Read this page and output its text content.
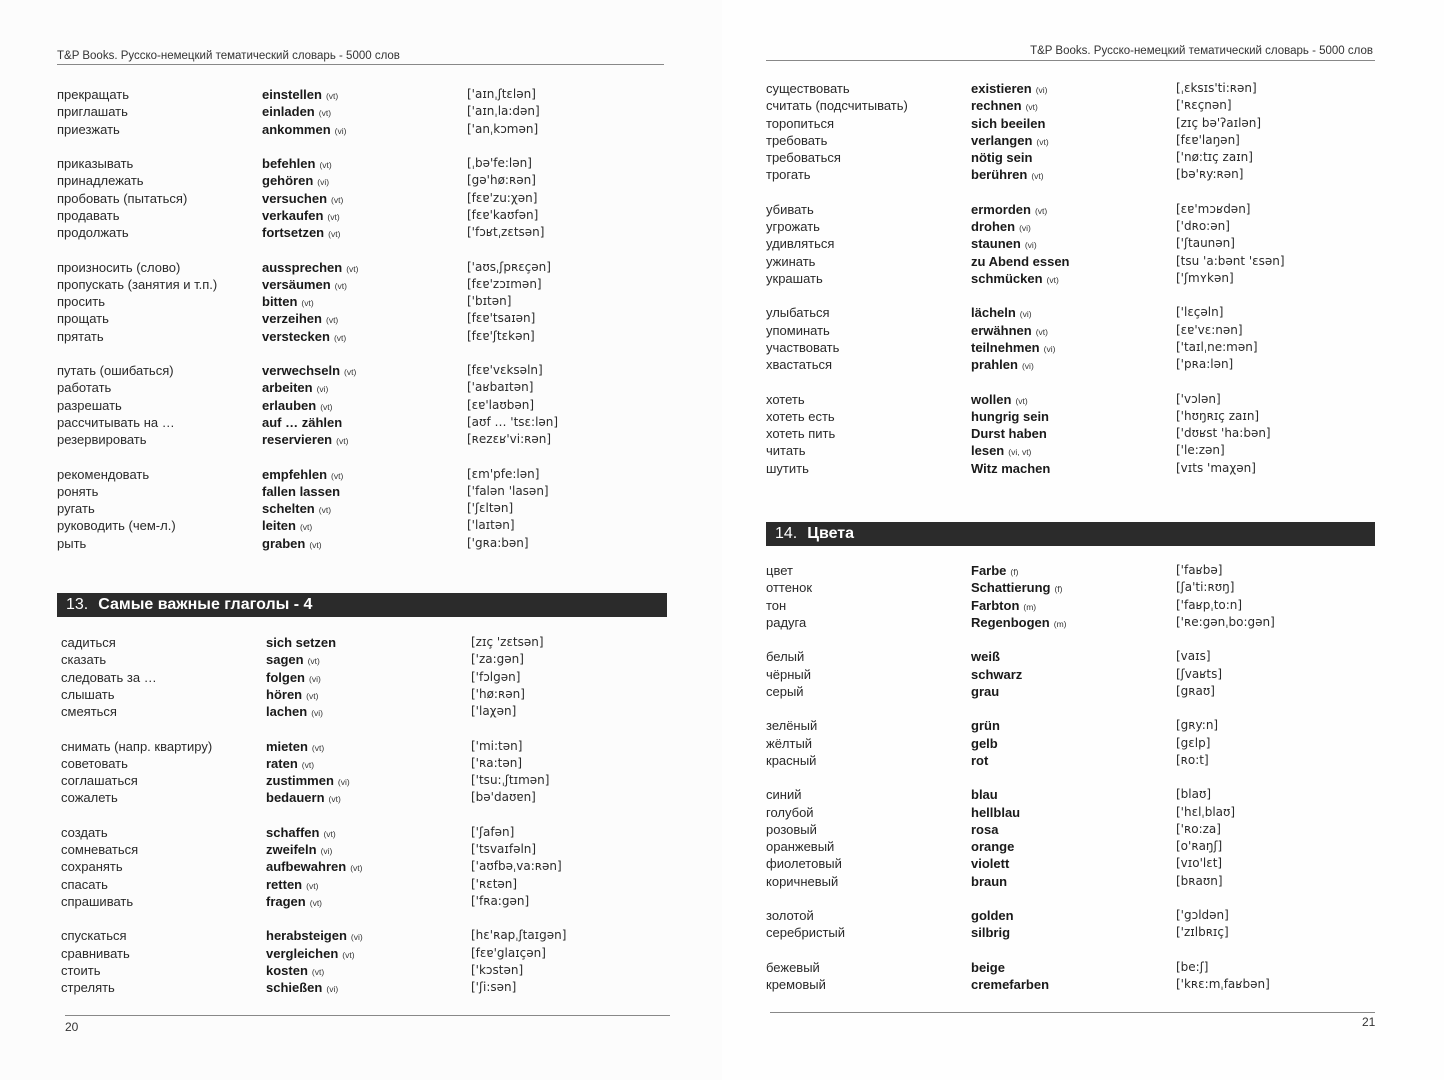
T&P Books. Русско-немецкий тематический словарь - 5000 слов
прекращать	einstellen (vt)	['aɪnˌʃtɛlən]
приглашать	einladen (vt)	['aɪnˌla:dən]
приезжать	ankommen (vi)	['anˌkɔmən]
приказывать	befehlen (vt)	[ˌbə'fe:lən]
принадлежать	gehören (vi)	[gə'hø:ʀən]
пробовать (пытаться)	versuchen (vt)	[fɛɐ'zu:χən]
продавать	verkaufen (vt)	[fɛɐ'kaʊfən]
продолжать	fortsetzen (vt)	['fɔʁtˌzɛtsən]
произносить (слово)	aussprechen (vt)	['aʊsˌʃpʀɛçən]
пропускать (занятия и т.п.)	versäumen (vt)	[fɛɐ'zɔɪmən]
просить	bitten (vt)	['bɪtən]
прощать	verzeihen (vt)	[fɛɐ'tsaɪən]
прятать	verstecken (vt)	[fɛɐ'ʃtɛkən]
путать (ошибаться)	verwechseln (vt)	[fɛɐ'vɛksəln]
работать	arbeiten (vi)	['aʁbaɪtən]
разрешать	erlauben (vt)	[ɛɐ'laʊbən]
рассчитывать на …	auf … zählen	[aʊf … 'tsɛ:lən]
резервировать	reservieren (vt)	[ʀezɛʁ'vi:ʀən]
рекомендовать	empfehlen (vt)	[ɛm'pfe:lən]
ронять	fallen lassen	['falən 'lasən]
ругать	schelten (vt)	['ʃɛltən]
руководить (чем-л.)	leiten (vt)	['laɪtən]
рыть	graben (vt)	['gʀa:bən]
13. Самые важные глаголы - 4
садиться	sich setzen	[zɪç 'zɛtsən]
сказать	sagen (vt)	['za:gən]
следовать за …	folgen (vi)	['fɔlgən]
слышать	hören (vt)	['hø:ʀən]
смеяться	lachen (vi)	['laχən]
снимать (напр. квартиру)	mieten (vt)	['mi:tən]
советовать	raten (vt)	['ʀa:tən]
соглашаться	zustimmen (vi)	['tsu:ˌʃtɪmən]
сожалеть	bedauern (vt)	[bə'daʊɐn]
создать	schaffen (vt)	['ʃafən]
сомневаться	zweifeln (vi)	['tsvaɪfəln]
сохранять	aufbewahren (vt)	['aʊfbəˌva:ʀən]
спасать	retten (vt)	['ʀɛtən]
спрашивать	fragen (vt)	['fʀa:gən]
спускаться	herabsteigen (vi)	[hɛ'ʀapˌʃtaɪgən]
сравнивать	vergleichen (vt)	[fɛɐ'glaɪçən]
стоить	kosten (vt)	['kɔstən]
стрелять	schießen (vi)	['ʃi:sən]
20
T&P Books. Русско-немецкий тематический словарь - 5000 слов
существовать	existieren (vi)	[ˌɛksɪs'ti:ʀən]
считать (подсчитывать)	rechnen (vt)	['ʀɛçnən]
торопиться	sich beeilen	[zɪç bə'ʔaɪlən]
требовать	verlangen (vt)	[fɛɐ'laŋən]
требоваться	nötig sein	['nø:tɪç zaɪn]
трогать	berühren (vt)	[bə'ʀy:ʀən]
убивать	ermorden (vt)	[ɛɐ'mɔʁdən]
угрожать	drohen (vi)	['dʀo:ən]
удивляться	staunen (vi)	['ʃtaunən]
ужинать	zu Abend essen	[tsu 'a:bənt 'ɛsən]
украшать	schmücken (vt)	['ʃmʏkən]
улыбаться	lächeln (vi)	['lɛçəln]
упоминать	erwähnen (vt)	[ɛɐ'vɛ:nən]
участвовать	teilnehmen (vi)	['taɪlˌne:mən]
хвастаться	prahlen (vi)	['pʀa:lən]
хотеть	wollen (vt)	['vɔlən]
хотеть есть	hungrig sein	['hʊŋʀɪç zaɪn]
хотеть пить	Durst haben	['dʊʁst 'ha:bən]
читать	lesen (vi, vt)	['le:zən]
шутить	Witz machen	[vɪts 'maχən]
14. Цвета
цвет	Farbe (f)	['faʁbə]
оттенок	Schattierung (f)	[ʃa'ti:ʀʊŋ]
тон	Farbton (m)	['faʁpˌto:n]
радуга	Regenbogen (m)	['ʀe:gənˌbo:gən]
белый	weiß	[vaɪs]
чёрный	schwarz	[ʃvaʁts]
серый	grau	[gʀaʊ]
зелёный	grün	[gʀy:n]
жёлтый	gelb	[gɛlp]
красный	rot	[ʀo:t]
синий	blau	[blaʊ]
голубой	hellblau	['hɛlˌblaʊ]
розовый	rosa	['ʀo:za]
оранжевый	orange	[o'ʀaŋʃ]
фиолетовый	violett	[vɪo'lɛt]
коричневый	braun	[bʀaʊn]
золотой	golden	['gɔldən]
серебристый	silbrig	['zɪlbʀɪç]
бежевый	beige	[be:ʃ]
кремовый	cremefarben	['kʀɛ:mˌfaʁbən]
21
